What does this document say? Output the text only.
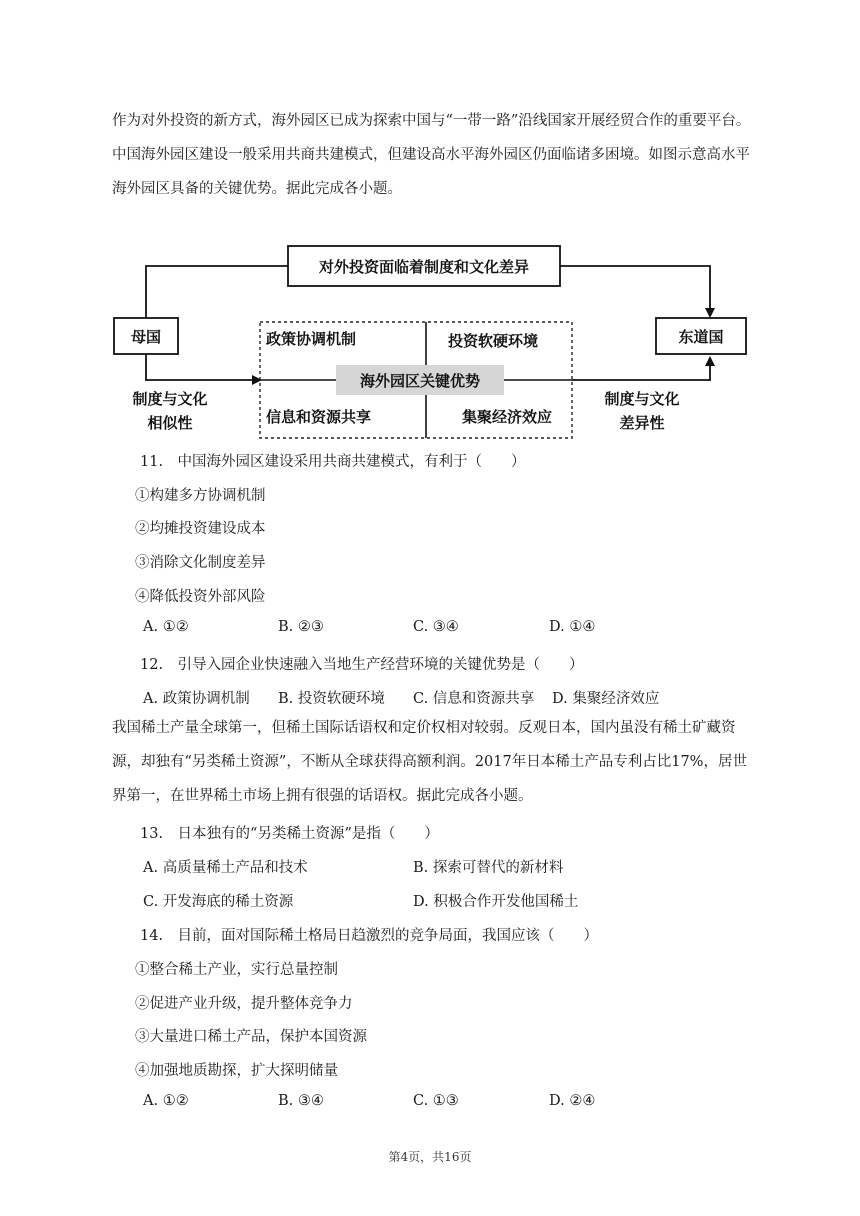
作为对外投资的新方式，海外园区已成为探索中国与“一带一路”沿线国家开展经贸合作的重要平台。中国海外园区建设一般采用共商共建模式，但建设高水平海外园区仍面临诸多困境。如图示意高水平海外园区具备的关键优势。据此完成各小题。

对外投资面临着制度和文化差异
母国	东道国
海外园区关键优势
政策协调机制	投资软硬环境
信息和资源共享	集聚经济效应
制度与文化
相似性
制度与文化
差异性

11.　中国海外园区建设采用共商共建模式，有利于（　　）

①构建多方协调机制
②均摊投资建设成本
③消除文化制度差异
④降低投资外部风险
A. ①②	B. ②③	C. ③④	D. ①④

12.　引导入园企业快速融入当地生产经营环境的关键优势是（　　）

A. 政策协调机制 B. 投资软硬环境 C. 信息和资源共享 D. 集聚经济效应

我国稀土产量全球第一，但稀土国际话语权和定价权相对较弱。反观日本，国内虽没有稀土矿藏资源，却独有“另类稀土资源”，不断从全球获得高额利润。2017年日本稀土产品专利占比17%，居世界第一，在世界稀土市场上拥有很强的话语权。据此完成各小题。

13.　日本独有的“另类稀土资源”是指（　　）

A. 高质量稀土产品和技术	B. 探索可替代的新材料
C. 开发海底的稀土资源	D. 积极合作开发他国稀土

14.　目前，面对国际稀土格局日趋激烈的竞争局面，我国应该（　　）

①整合稀土产业，实行总量控制
②促进产业升级，提升整体竞争力
③大量进口稀土产品，保护本国资源
④加强地质勘探，扩大探明储量
A. ①②	B. ③④	C. ①③	D. ②④
第4页，共16页
